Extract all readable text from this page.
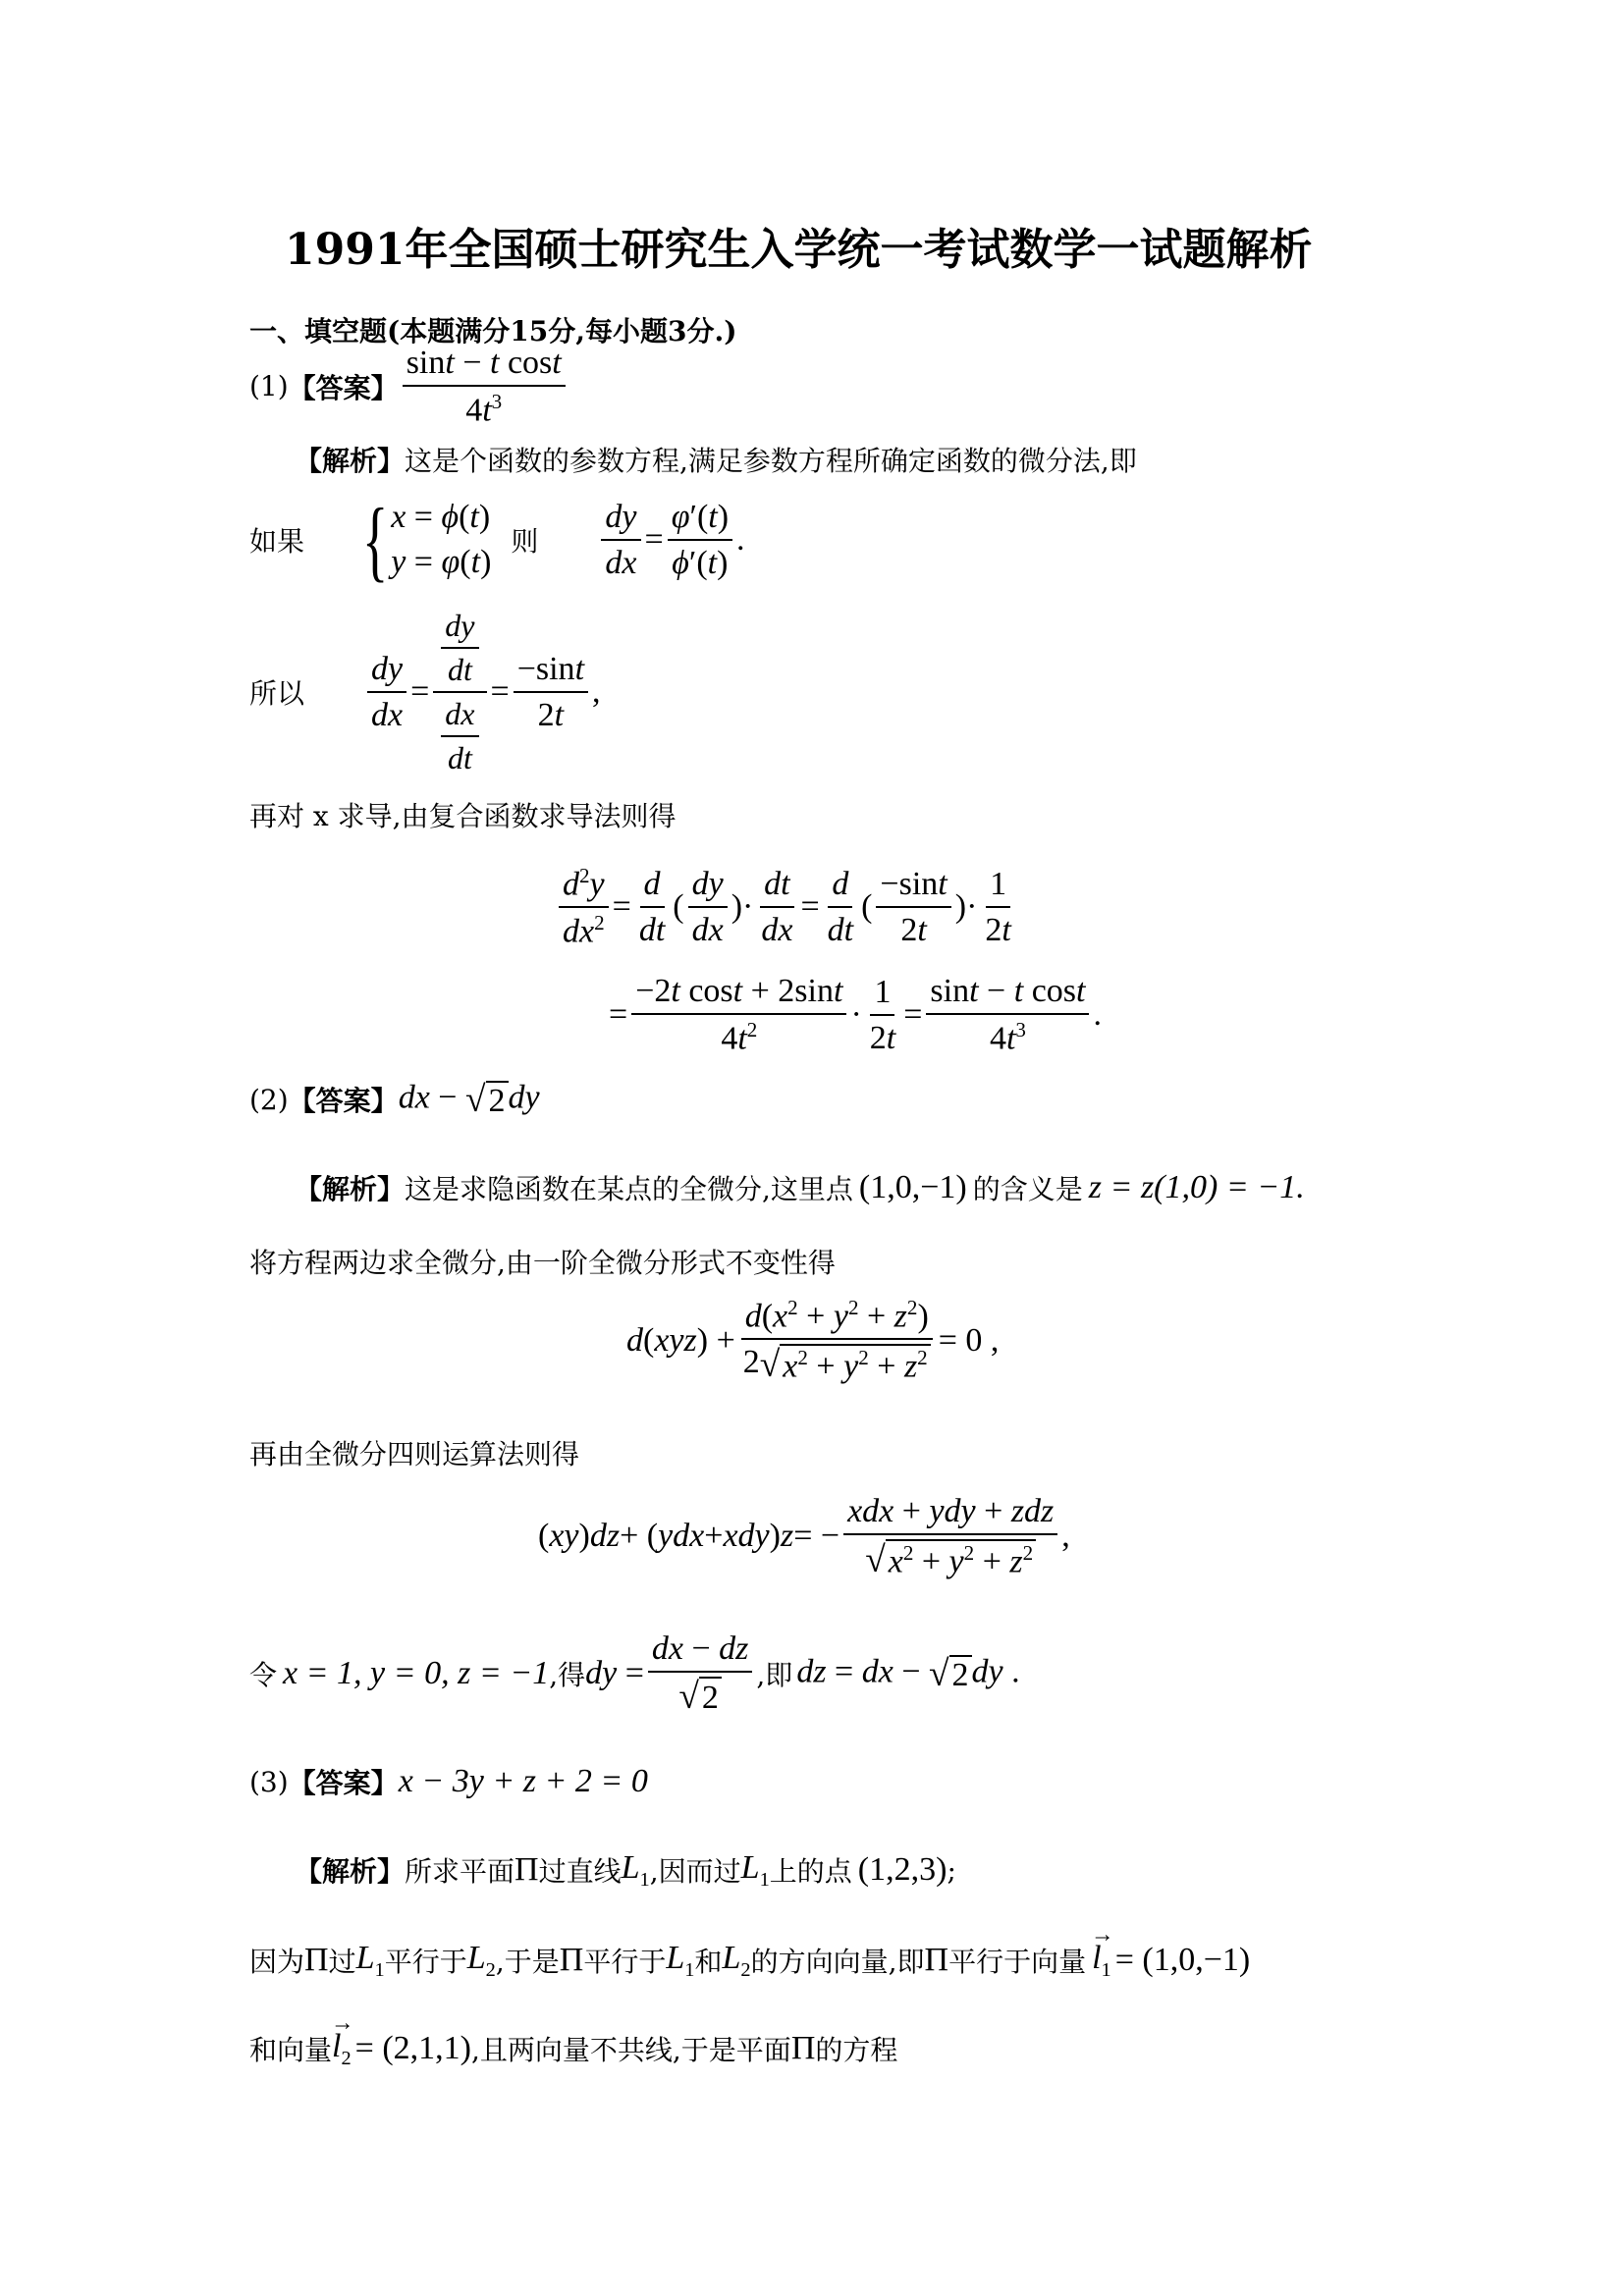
1991年全国硕士研究生入学统一考试数学一试题解析
一、填空题(本题满分15分,每小题3分.)
(1) 【答案】 $\frac{\text{sint − t cost}}{4t^3}$
【解析】这是个函数的参数方程,满足参数方程所确定函数的微分法,即
如果 { x = ϕ(t)
y = φ(t)
则 $\frac{dy}{dx} = \frac{\varphi'(t)}{\phi'(t)}$ .
所以 $\frac{dy}{dx} = \frac{\frac{dy}{dt}}{\frac{dx}{dt}} = \frac{-\sin t}{2t}$ ,
再对 x 求导,由复合函数求导法则得
$\frac{d^2y}{dx^2} = \frac{d}{dt}$ ( $\frac{dy}{dx}$ )· $\frac{dt}{dx} = \frac{d}{dt}$ ( $\frac{-\sin t}{2t}$ )· $\frac{1}{2t}$
= $\frac{\text{−2t cost + 2sint}}{4t^2} \cdot \frac{1}{2t} = \frac{\text{sint − t cost}}{4t^3}$ .
(2) 【答案】 dx − √2dy
【解析】 这是求隐函数在某点的全微分,这里点 (1,0,−1) 的含义是 z = z(1,0) = −1.
将方程两边求全微分,由一阶全微分形式不变性得
d ( xyz ) + $\frac{d(x^2 + y^2 + z^2)}{2√x^2 + y^2 + z^2} = 0$ ,
再由全微分四则运算法则得
( xy ) dz + ( ydx + xdy ) z = − $\frac{\text{xdx + ydy + zdz}}{√x^2 + y^2 + z^2}$ ,
令 x = 1, y = 0, z = −1 ,得 dy = $\frac{dx - dz}{√2}$ ,即 dz = dx − √2dy .
(3) 【答案】 x − 3y + z + 2 = 0
【解析】 所求平面 Π 过直线 $L_1$ ,因而过 $L_1$ 上的点 (1,2,3) ;
因为 Π 过 $L_1$ 平行于 $L_2$ ,于是 Π 平行于 $L_1$ 和 $L_2$ 的方向向量,即 Π 平行于向量 → $l_1 = (1,0,-1)$
和向量 → $l_2 = (2,1,1)$ ,且两向量不共线,于是平面 Π 的方程
